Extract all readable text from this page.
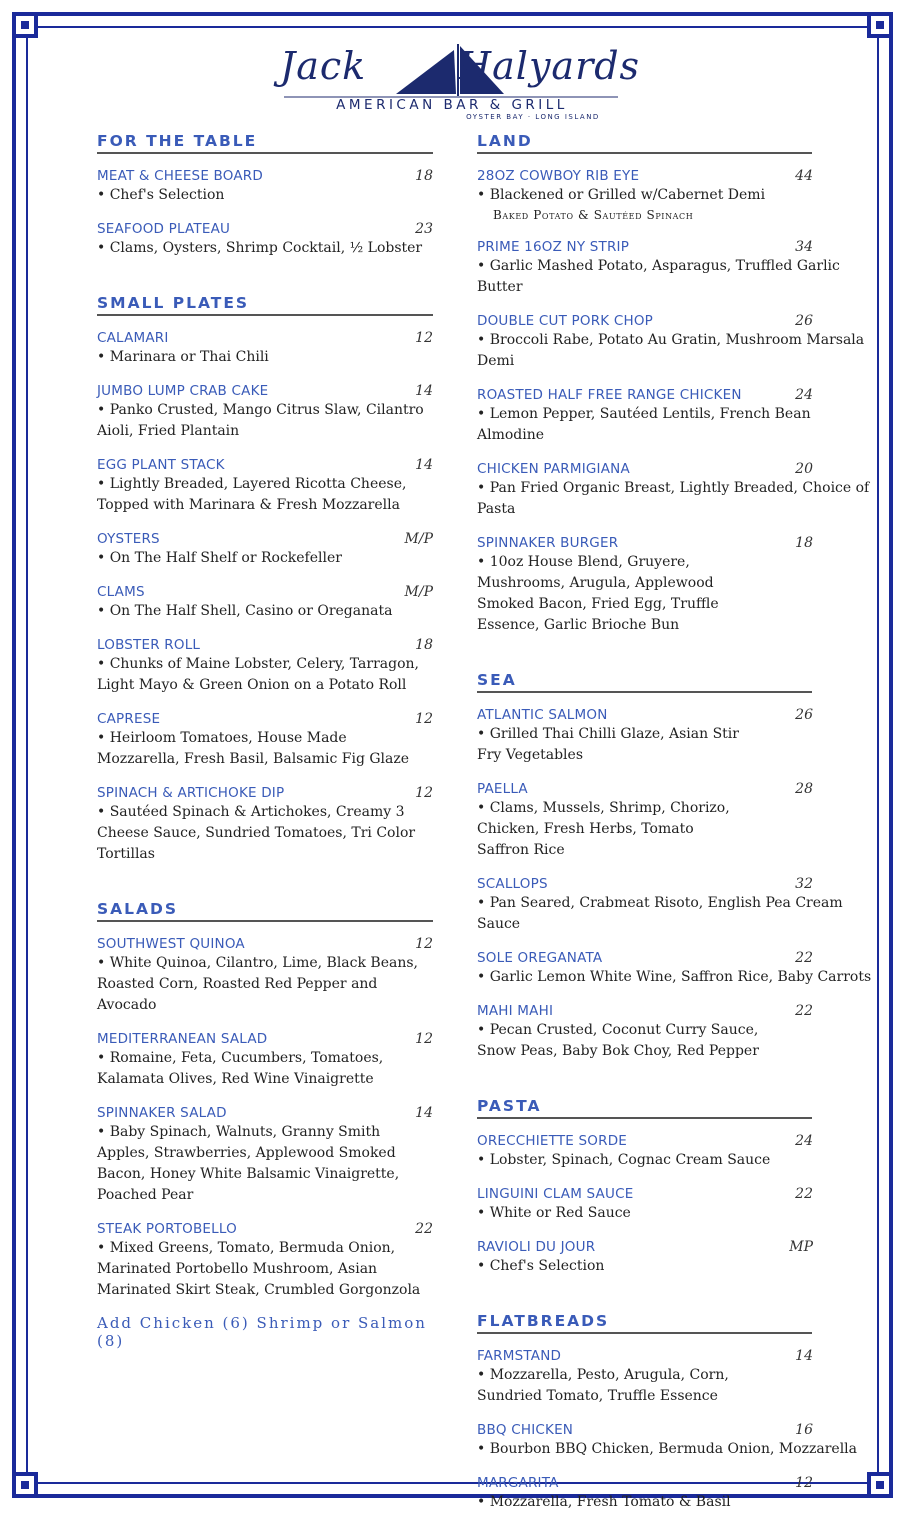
Jack Halyards
AMERICAN BAR & GRILL
OYSTER BAY · LONG ISLAND
FOR THE TABLE
MEAT & CHEESE BOARD	18
• Chef's Selection
SEAFOOD PLATEAU	23
• Clams, Oysters, Shrimp Cocktail, ½ Lobster
SMALL PLATES
CALAMARI	12
• Marinara or Thai Chili
JUMBO LUMP CRAB CAKE	14
• Panko Crusted, Mango Citrus Slaw, Cilantro Aioli, Fried Plantain
EGG PLANT STACK	14
• Lightly Breaded, Layered Ricotta Cheese, Topped with Marinara & Fresh Mozzarella
OYSTERS	M/P
• On The Half Shelf or Rockefeller
CLAMS	M/P
• On The Half Shell, Casino or Oreganata
LOBSTER ROLL	18
• Chunks of Maine Lobster, Celery, Tarragon, Light Mayo & Green Onion on a Potato Roll
CAPRESE	12
• Heirloom Tomatoes, House Made Mozzarella, Fresh Basil, Balsamic Fig Glaze
SPINACH & ARTICHOKE DIP	12
• Sautéed Spinach & Artichokes, Creamy 3 Cheese Sauce, Sundried Tomatoes, Tri Color Tortillas
SALADS
SOUTHWEST QUINOA	12
• White Quinoa, Cilantro, Lime, Black Beans, Roasted Corn, Roasted Red Pepper and Avocado
MEDITERRANEAN SALAD	12
• Romaine, Feta, Cucumbers, Tomatoes, Kalamata Olives, Red Wine Vinaigrette
SPINNAKER SALAD	14
• Baby Spinach, Walnuts, Granny Smith Apples, Strawberries, Applewood Smoked Bacon, Honey White Balsamic Vinaigrette, Poached Pear
STEAK PORTOBELLO	22
• Mixed Greens, Tomato, Bermuda Onion, Marinated Portobello Mushroom, Asian Marinated Skirt Steak, Crumbled Gorgonzola
Add Chicken (6) Shrimp or Salmon (8)
LAND
28OZ COWBOY RIB EYE	44
• Blackened or Grilled w/Cabernet Demi
Baked Potato & Sautéed Spinach
PRIME 16OZ NY STRIP	34
• Garlic Mashed Potato, Asparagus, Truffled Garlic Butter
DOUBLE CUT PORK CHOP	26
• Broccoli Rabe, Potato Au Gratin, Mushroom Marsala Demi
ROASTED HALF FREE RANGE CHICKEN	24
• Lemon Pepper, Sautéed Lentils, French Bean Almodine
CHICKEN PARMIGIANA	20
• Pan Fried Organic Breast, Lightly Breaded, Choice of Pasta
SPINNAKER BURGER	18
• 10oz House Blend, Gruyere, Mushrooms, Arugula, Applewood Smoked Bacon, Fried Egg, Truffle Essence, Garlic Brioche Bun
SEA
ATLANTIC SALMON	26
• Grilled Thai Chilli Glaze, Asian Stir Fry Vegetables
PAELLA	28
• Clams, Mussels, Shrimp, Chorizo, Chicken, Fresh Herbs, Tomato Saffron Rice
SCALLOPS	32
• Pan Seared, Crabmeat Risoto, English Pea Cream Sauce
SOLE OREGANATA	22
• Garlic Lemon White Wine, Saffron Rice, Baby Carrots
MAHI MAHI	22
• Pecan Crusted, Coconut Curry Sauce, Snow Peas, Baby Bok Choy, Red Pepper
PASTA
ORECCHIETTE SORDE	24
• Lobster, Spinach, Cognac Cream Sauce
LINGUINI CLAM SAUCE	22
• White or Red Sauce
RAVIOLI DU JOUR	MP
• Chef's Selection
FLATBREADS
FARMSTAND	14
• Mozzarella, Pesto, Arugula, Corn, Sundried Tomato, Truffle Essence
BBQ CHICKEN	16
• Bourbon BBQ Chicken, Bermuda Onion, Mozzarella
MARGARITA	12
• Mozzarella, Fresh Tomato & Basil
